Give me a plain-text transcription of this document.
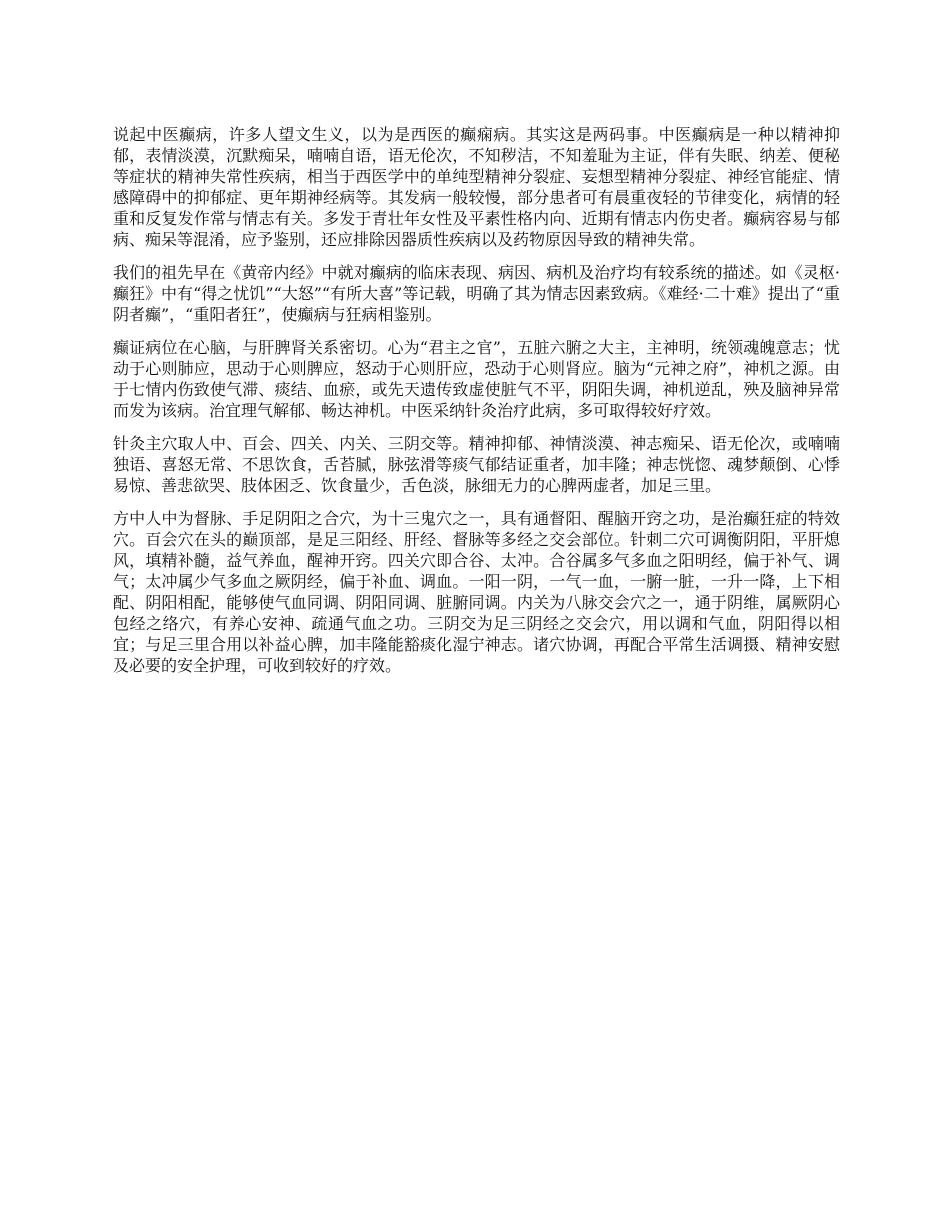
说起中医癫病，许多人望文生义，以为是西医的癫痫病。其实这是两码事。中医癫病是一种以精神抑郁，表情淡漠，沉默痴呆，喃喃自语，语无伦次，不知秽洁，不知羞耻为主证，伴有失眠、纳差、便秘等症状的精神失常性疾病，相当于西医学中的单纯型精神分裂症、妄想型精神分裂症、神经官能症、情感障碍中的抑郁症、更年期神经病等。其发病一般较慢，部分患者可有晨重夜轻的节律变化，病情的轻重和反复发作常与情志有关。多发于青壮年女性及平素性格内向、近期有情志内伤史者。癫病容易与郁病、痴呆等混淆，应予鉴别，还应排除因器质性疾病以及药物原因导致的精神失常。

我们的祖先早在《黄帝内经》中就对癫病的临床表现、病因、病机及治疗均有较系统的描述。如《灵枢·癫狂》中有“得之忧饥”“大怒”“有所大喜”等记载，明确了其为情志因素致病。《难经·二十难》提出了“重阴者癫”，“重阳者狂”，使癫病与狂病相鉴别。

癫证病位在心脑，与肝脾肾关系密切。心为“君主之官”，五脏六腑之大主，主神明，统领魂魄意志；忧动于心则肺应，思动于心则脾应，怒动于心则肝应，恐动于心则肾应。脑为“元神之府”，神机之源。由于七情内伤致使气滞、痰结、血瘀，或先天遗传致虚使脏气不平，阴阳失调，神机逆乱，殃及脑神异常而发为该病。治宜理气解郁、畅达神机。中医采纳针灸治疗此病，多可取得较好疗效。

针灸主穴取人中、百会、四关、内关、三阴交等。精神抑郁、神情淡漠、神志痴呆、语无伦次，或喃喃独语、喜怒无常、不思饮食，舌苔腻，脉弦滑等痰气郁结证重者，加丰隆；神志恍惚、魂梦颠倒、心悸易惊、善悲欲哭、肢体困乏、饮食量少，舌色淡，脉细无力的心脾两虚者，加足三里。

方中人中为督脉、手足阴阳之合穴，为十三鬼穴之一，具有通督阳、醒脑开窍之功，是治癫狂症的特效穴。百会穴在头的巅顶部，是足三阳经、肝经、督脉等多经之交会部位。针刺二穴可调衡阴阳，平肝熄风，填精补髓，益气养血，醒神开窍。四关穴即合谷、太冲。合谷属多气多血之阳明经，偏于补气、调气；太冲属少气多血之厥阴经，偏于补血、调血。一阳一阴，一气一血，一腑一脏，一升一降，上下相配、阴阳相配，能够使气血同调、阴阳同调、脏腑同调。内关为八脉交会穴之一，通于阴维，属厥阴心包经之络穴，有养心安神、疏通气血之功。三阴交为足三阴经之交会穴，用以调和气血，阴阳得以相宜；与足三里合用以补益心脾，加丰隆能豁痰化湿宁神志。诸穴协调，再配合平常生活调摄、精神安慰及必要的安全护理，可收到较好的疗效。
